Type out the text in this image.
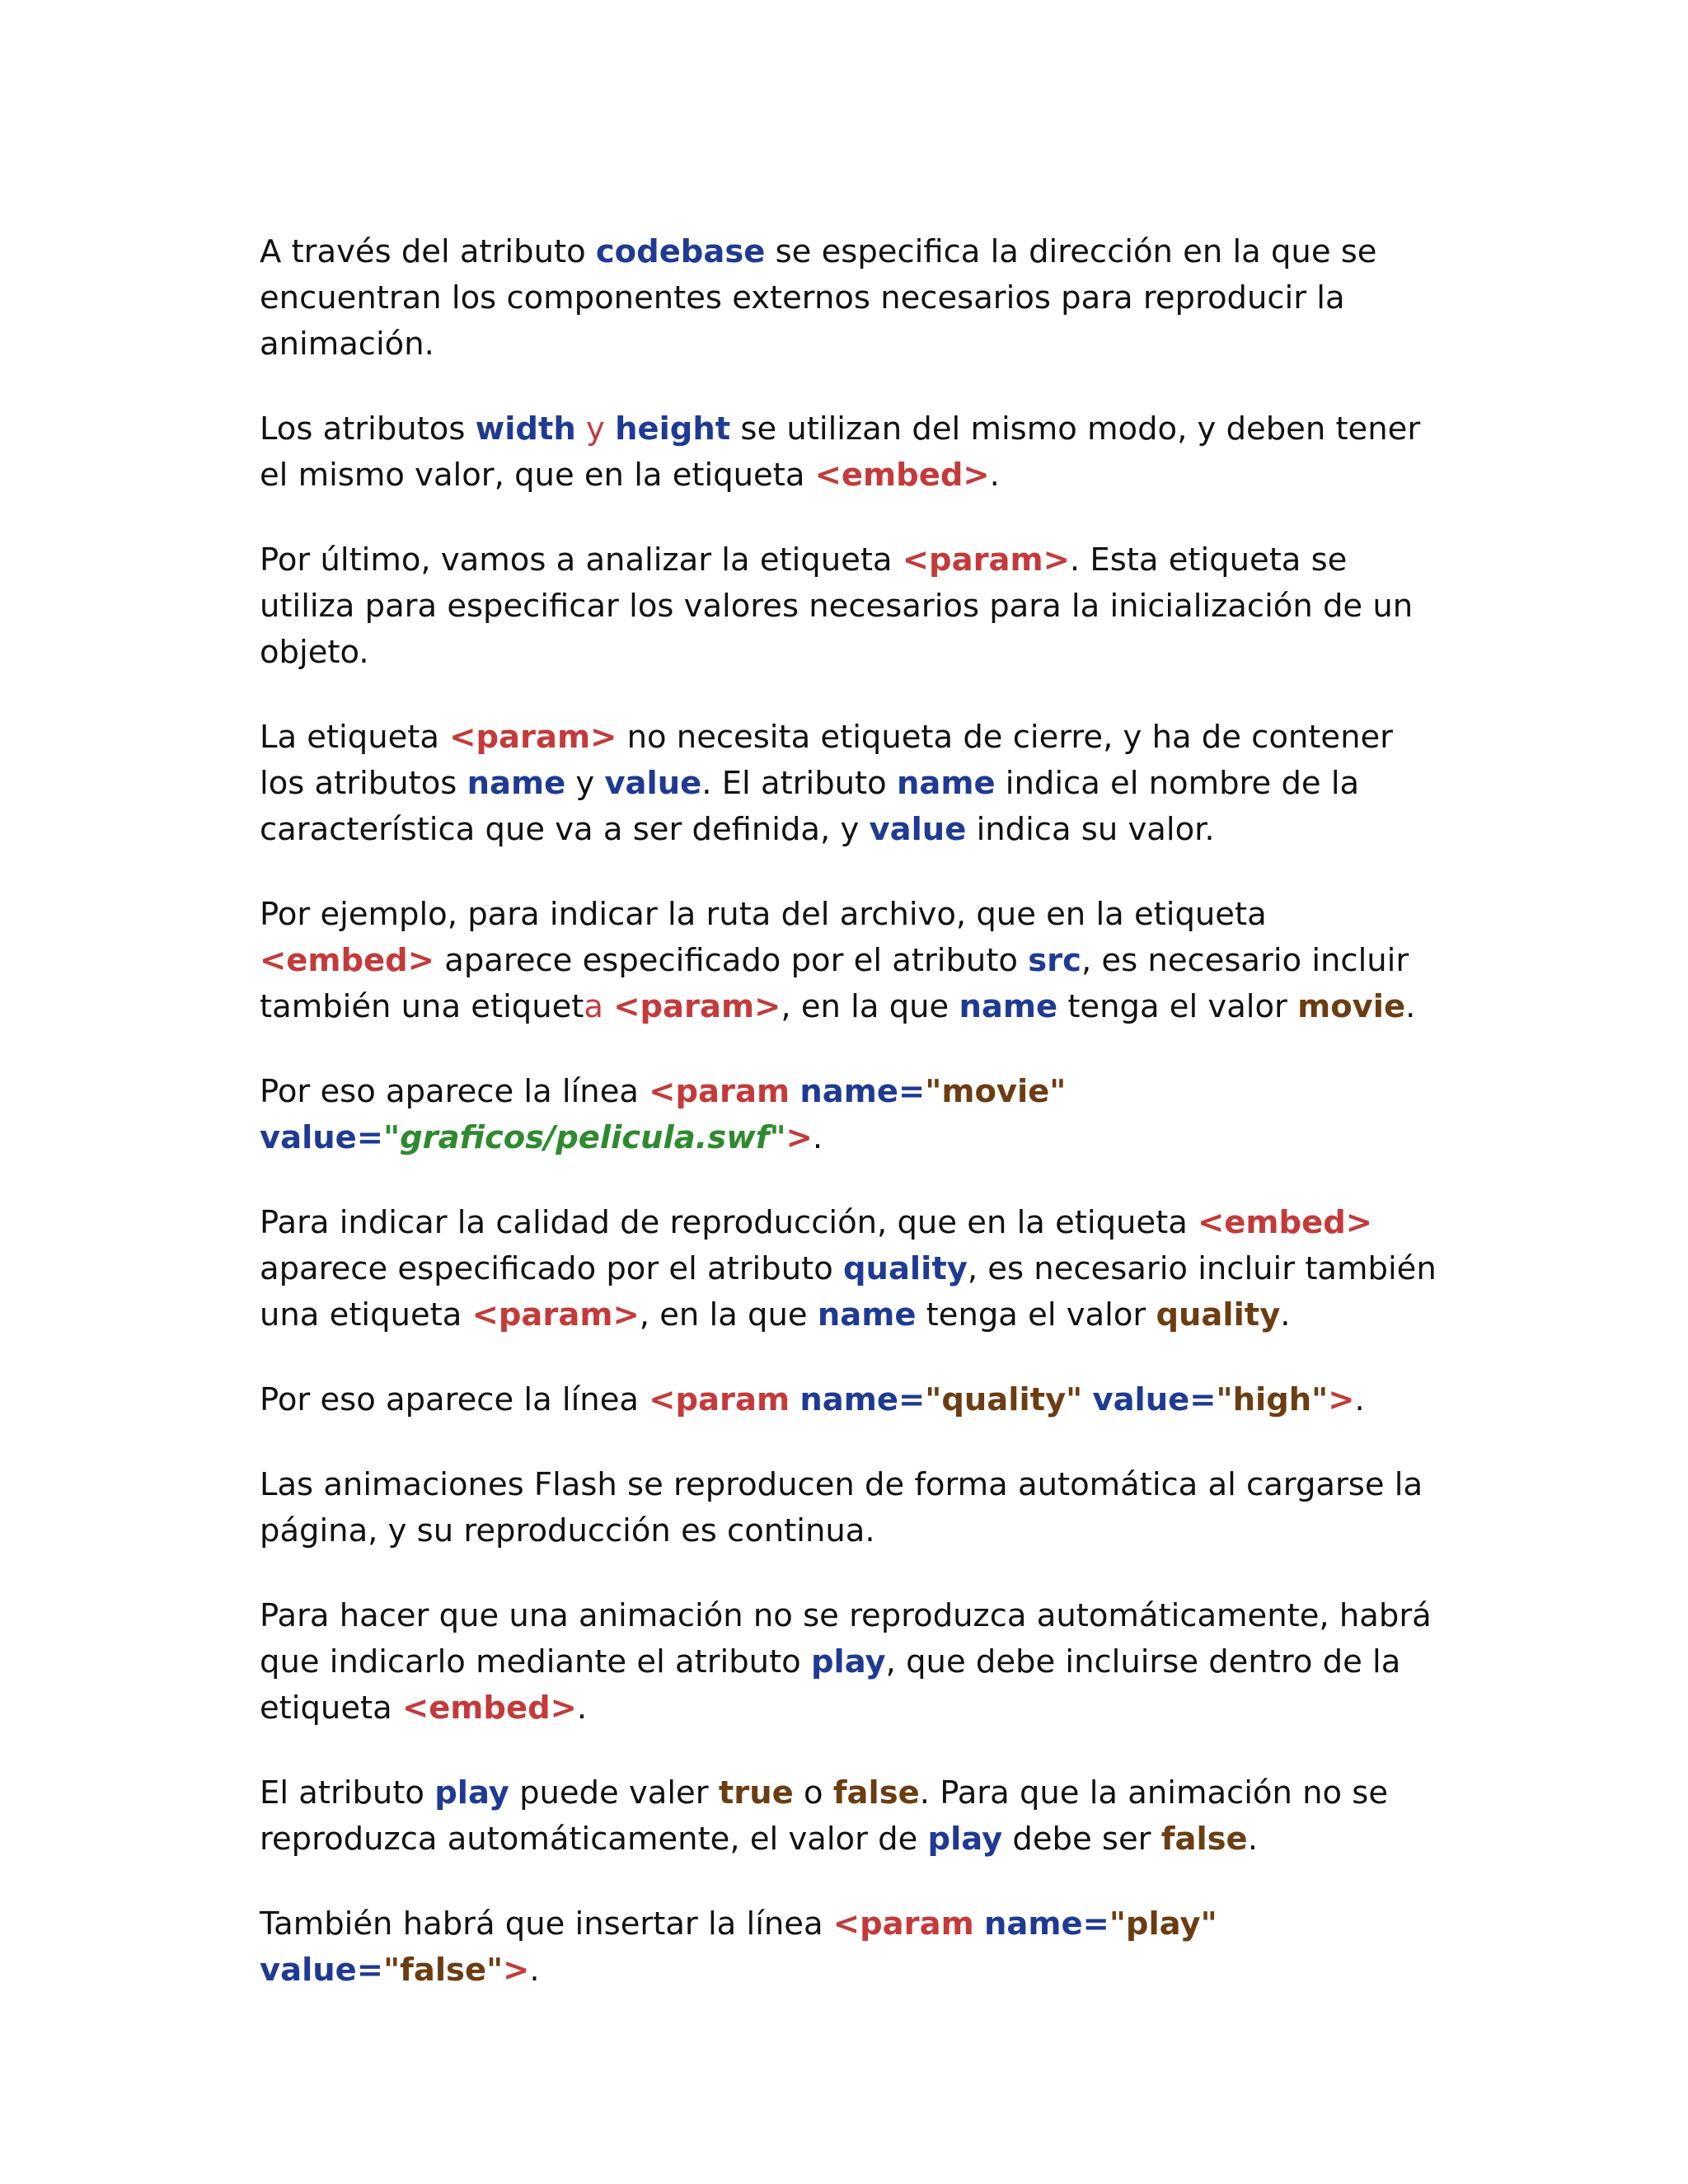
A través del atributo codebase se especifica la dirección en la que se encuentran los componentes externos necesarios para reproducir la animación.

Los atributos width y height se utilizan del mismo modo, y deben tener el mismo valor, que en la etiqueta <embed>.

Por último, vamos a analizar la etiqueta <param>. Esta etiqueta se utiliza para especificar los valores necesarios para la inicialización de un objeto.

La etiqueta <param> no necesita etiqueta de cierre, y ha de contener los atributos name y value. El atributo name indica el nombre de la característica que va a ser definida, y value indica su valor.

Por ejemplo, para indicar la ruta del archivo, que en la etiqueta <embed> aparece especificado por el atributo src, es necesario incluir también una etiqueta <param>, en la que name tenga el valor movie.

Por eso aparece la línea <param name="movie"
value="graficos/pelicula.swf">.

Para indicar la calidad de reproducción, que en la etiqueta <embed> aparece especificado por el atributo quality, es necesario incluir también una etiqueta <param>, en la que name tenga el valor quality.

Por eso aparece la línea <param name="quality" value="high">.

Las animaciones Flash se reproducen de forma automática al cargarse la página, y su reproducción es continua.

Para hacer que una animación no se reproduzca automáticamente, habrá que indicarlo mediante el atributo play, que debe incluirse dentro de la etiqueta <embed>.

El atributo play puede valer true o false. Para que la animación no se reproduzca automáticamente, el valor de play debe ser false.

También habrá que insertar la línea <param name="play" value="false">.
